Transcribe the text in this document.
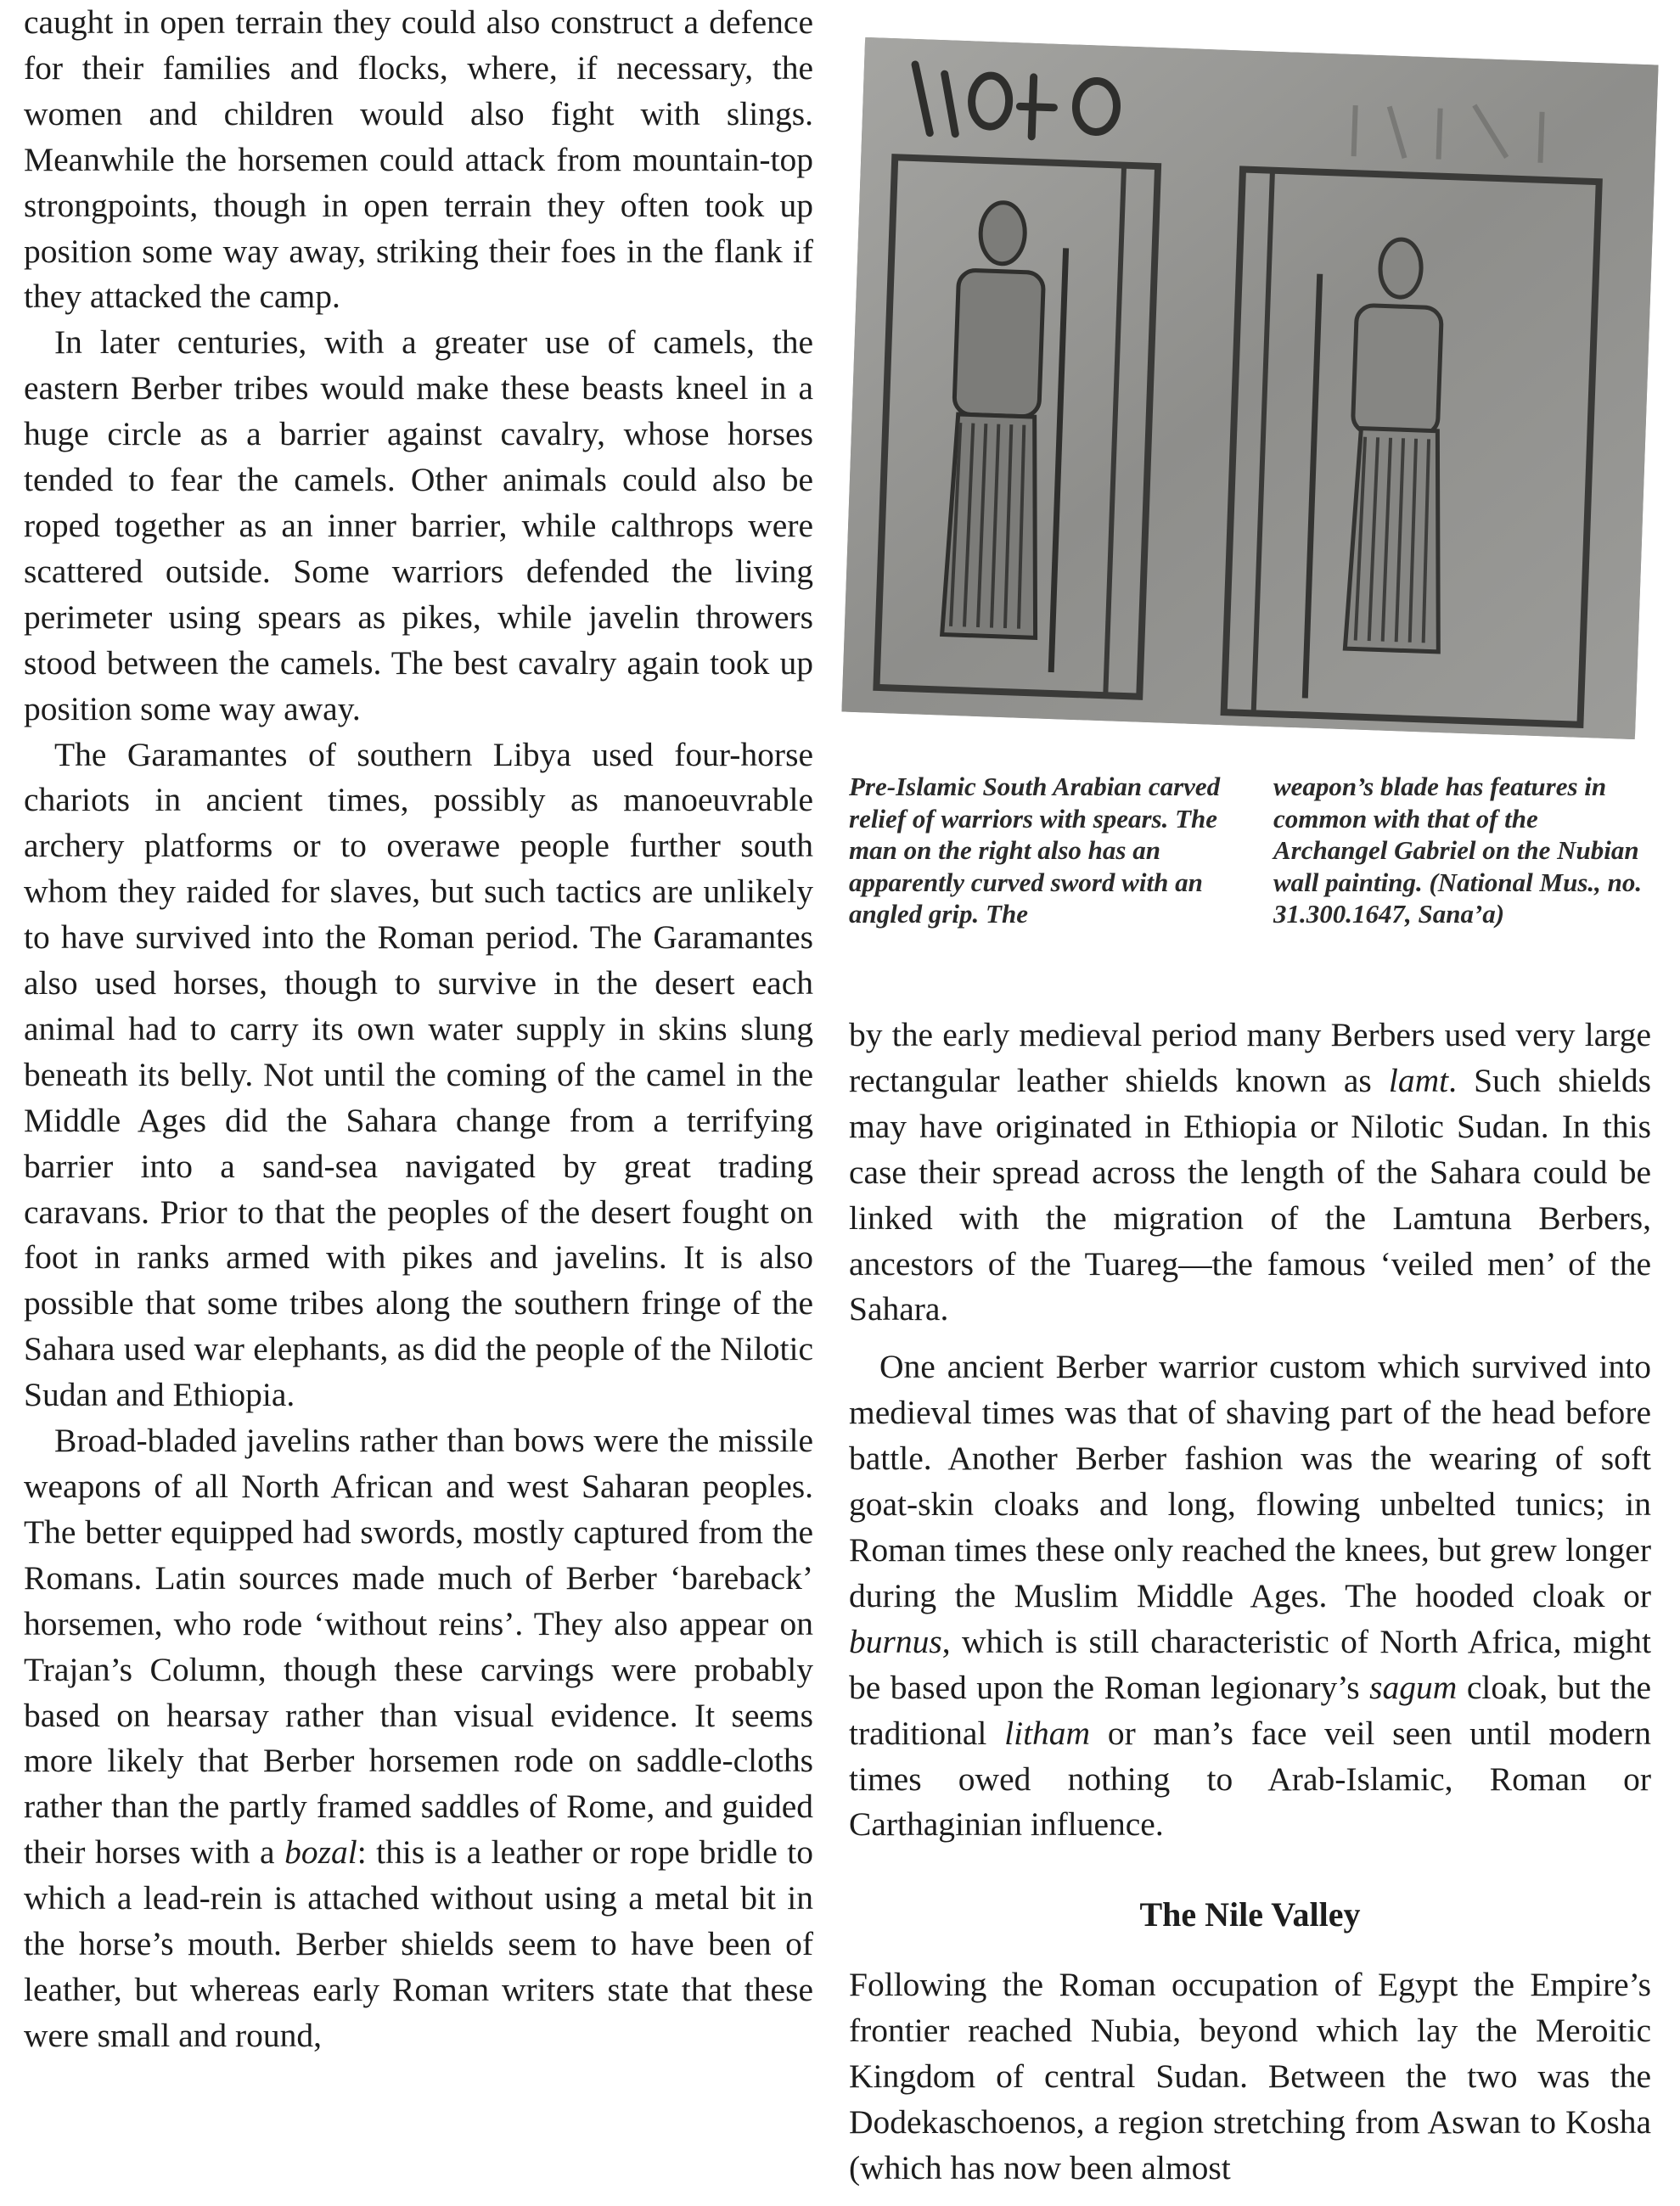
caught in open terrain they could also construct a defence for their families and flocks, where, if necessary, the women and children would also fight with slings. Meanwhile the horsemen could attack from mountain-top strongpoints, though in open terrain they often took up position some way away, striking their foes in the flank if they attacked the camp.

In later centuries, with a greater use of camels, the eastern Berber tribes would make these beasts kneel in a huge circle as a barrier against cavalry, whose horses tended to fear the camels. Other animals could also be roped together as an inner barrier, while calthrops were scattered outside. Some warriors defended the living perimeter using spears as pikes, while javelin throwers stood between the camels. The best cavalry again took up position some way away.

The Garamantes of southern Libya used four-horse chariots in ancient times, possibly as manoeuvrable archery platforms or to overawe people further south whom they raided for slaves, but such tactics are unlikely to have survived into the Roman period. The Garamantes also used horses, though to survive in the desert each animal had to carry its own water supply in skins slung beneath its belly. Not until the coming of the camel in the Middle Ages did the Sahara change from a terrifying barrier into a sand-sea navigated by great trading caravans. Prior to that the peoples of the desert fought on foot in ranks armed with pikes and javelins. It is also possible that some tribes along the southern fringe of the Sahara used war elephants, as did the people of the Nilotic Sudan and Ethiopia.

Broad-bladed javelins rather than bows were the missile weapons of all North African and west Saharan peoples. The better equipped had swords, mostly captured from the Romans. Latin sources made much of Berber ‘bareback’ horsemen, who rode ‘without reins’. They also appear on Trajan’s Column, though these carvings were probably based on hearsay rather than visual evidence. It seems more likely that Berber horsemen rode on saddle-cloths rather than the partly framed saddles of Rome, and guided their horses with a bozal: this is a leather or rope bridle to which a lead-rein is attached without using a metal bit in the horse’s mouth. Berber shields seem to have been of leather, but whereas early Roman writers state that these were small and round,

Pre-Islamic South Arabian carved relief of warriors with spears. The man on the right also has an apparently curved sword with an angled grip. The
weapon’s blade has features in common with that of the Archangel Gabriel on the Nubian wall painting. (National Mus., no. 31.300.1647, Sana’a)

by the early medieval period many Berbers used very large rectangular leather shields known as lamt. Such shields may have originated in Ethiopia or Nilotic Sudan. In this case their spread across the length of the Sahara could be linked with the migration of the Lamtuna Berbers, ancestors of the Tuareg—the famous ‘veiled men’ of the Sahara.

One ancient Berber warrior custom which survived into medieval times was that of shaving part of the head before battle. Another Berber fashion was the wearing of soft goat-skin cloaks and long, flowing unbelted tunics; in Roman times these only reached the knees, but grew longer during the Muslim Middle Ages. The hooded cloak or burnus, which is still characteristic of North Africa, might be based upon the Roman legionary’s sagum cloak, but the traditional litham or man’s face veil seen until modern times owed nothing to Arab-Islamic, Roman or Carthaginian influence.

The Nile Valley

Following the Roman occupation of Egypt the Empire’s frontier reached Nubia, beyond which lay the Meroitic Kingdom of central Sudan. Between the two was the Dodekaschoenos, a region stretching from Aswan to Kosha (which has now been almost
